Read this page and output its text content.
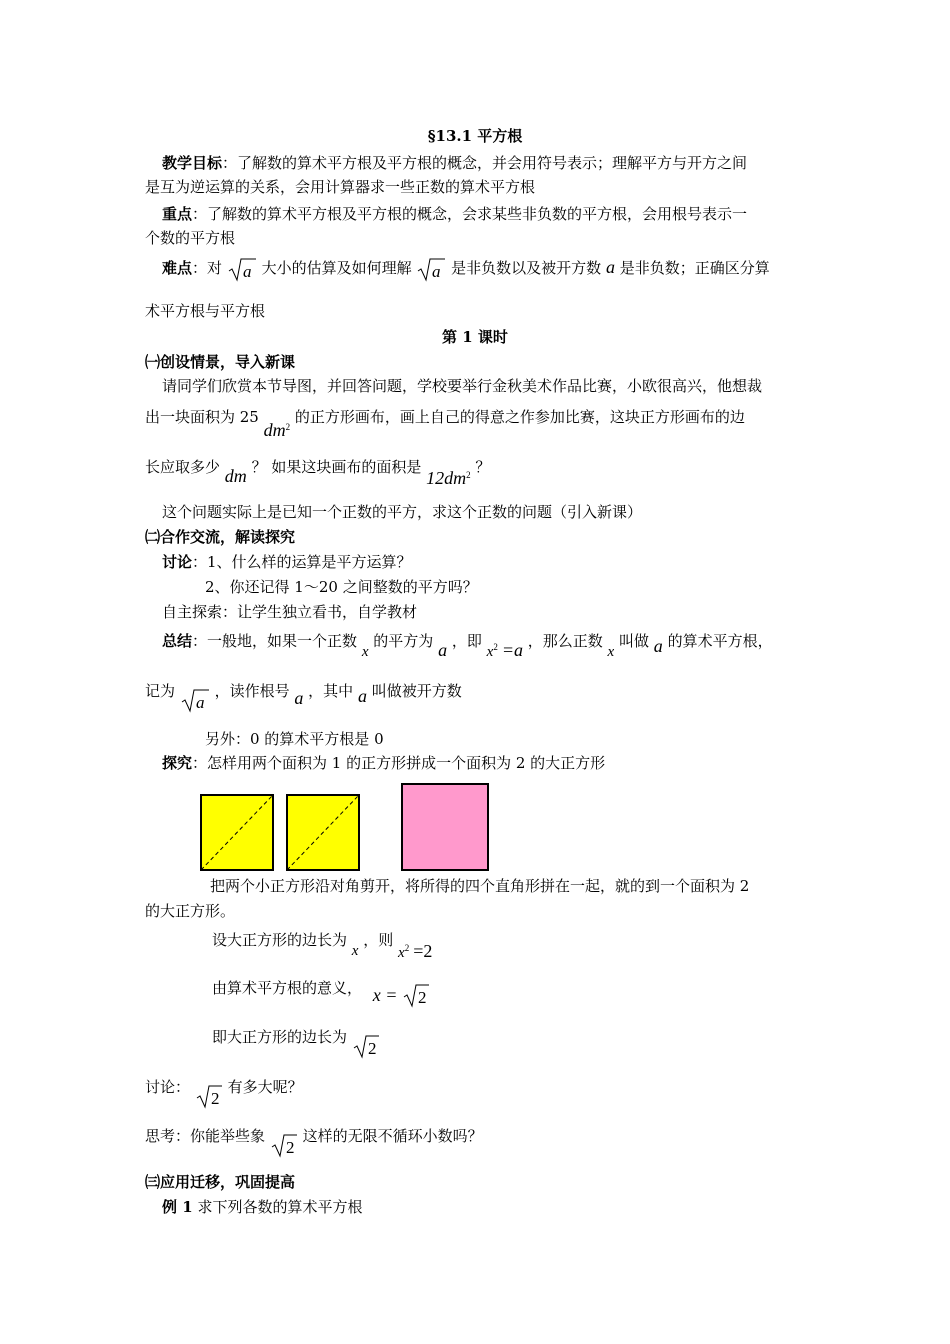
§13.1 平方根
教学目标：了解数的算术平方根及平方根的概念，并会用符号表示；理解平方与开方之间
是互为逆运算的关系，会用计算器求一些正数的算术平方根
重点：了解数的算术平方根及平方根的概念，会求某些非负数的平方根，会用根号表示一
个数的平方根
难点：对 a 大小的估算及如何理解 a 是非负数以及被开方数 a 是非负数；正确区分算
术平方根与平方根
第 1 课时
㈠创设情景，导入新课
请同学们欣赏本节导图，并回答问题，学校要举行金秋美术作品比赛，小欧很高兴，他想裁
出一块面积为 25 $dm^2$ 的正方形画布，画上自己的得意之作参加比赛，这块正方形画布的边
长应取多少 dm ？ 如果这块画布的面积是 $12dm^2$ ？
这个问题实际上是已知一个正数的平方，求这个正数的问题（引入新课）
㈡合作交流，解读探究
讨论：1、什么样的运算是平方运算？
2、你还记得 1～20 之间整数的平方吗？
自主探索：让学生独立看书，自学教材
总结：一般地，如果一个正数 x 的平方为 a ，即 $x^2 =a$ ，那么正数 x 叫做 a 的算术平方根，
记为
a
，读作根号 a ，其中 a 叫做被开方数
另外：0 的算术平方根是 0
探究：怎样用两个面积为 1 的正方形拼成一个面积为 2 的大正方形
把两个小正方形沿对角剪开，将所得的四个直角形拼在一起，就的到一个面积为 2
的大正方形。
设大正方形的边长为 x ，则 $x^2 =2$
由算术平方根的意义， x = 2
即大正方形的边长为
2
讨论：
2
有多大呢？
思考：你能举些象
2
这样的无限不循环小数吗？
㈢应用迁移，巩固提高
例 1 求下列各数的算术平方根
